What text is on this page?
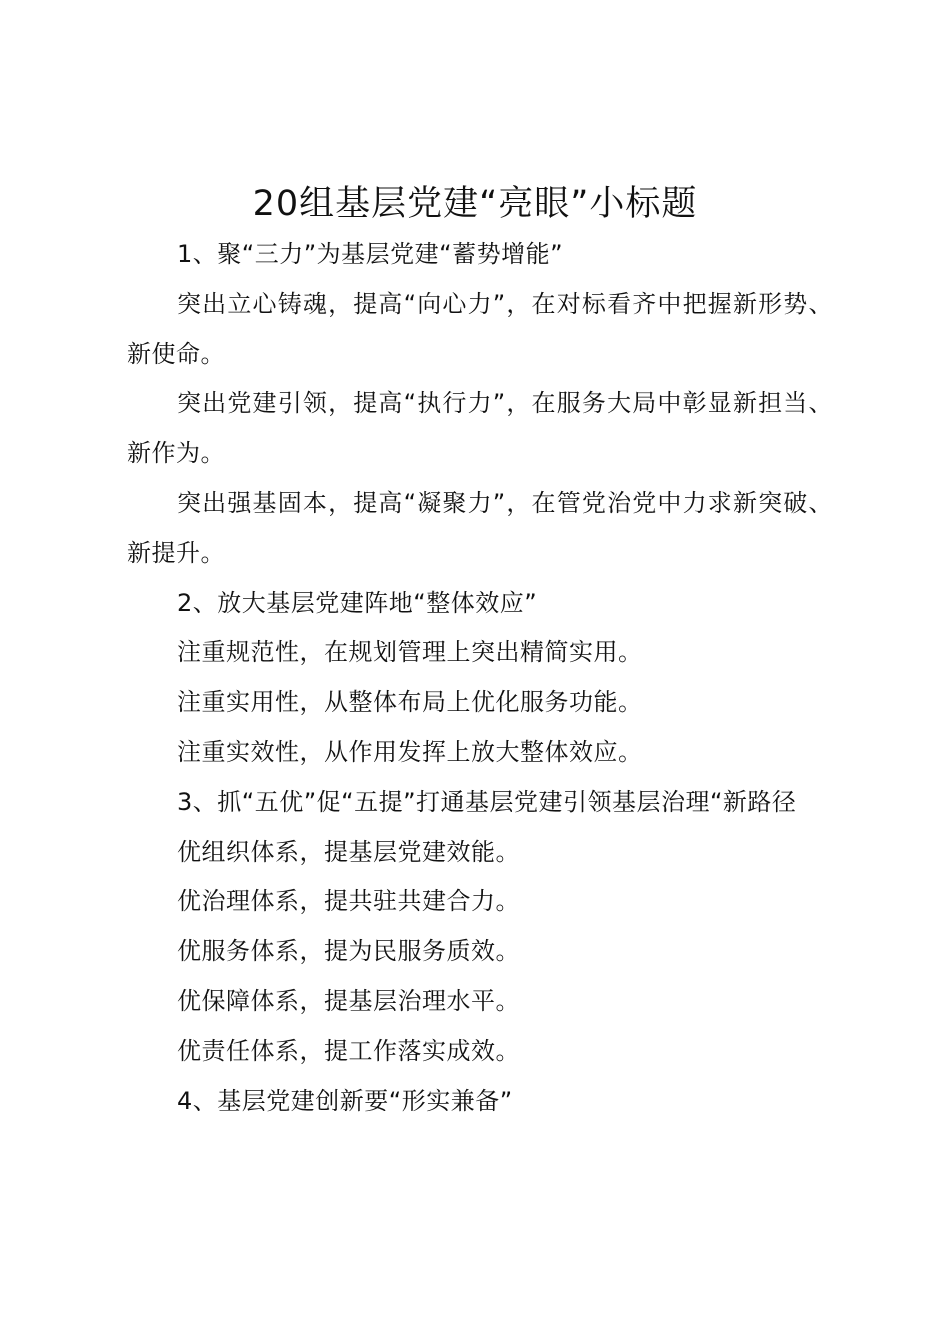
20组基层党建“亮眼”小标题

1、聚“三力”为基层党建“蓄势增能”

突出立心铸魂，提高“向心力”，在对标看齐中把握新形势、新使命。

突出党建引领，提高“执行力”，在服务大局中彰显新担当、新作为。

突出强基固本，提高“凝聚力”，在管党治党中力求新突破、新提升。

2、放大基层党建阵地“整体效应”

注重规范性，在规划管理上突出精简实用。

注重实用性，从整体布局上优化服务功能。

注重实效性，从作用发挥上放大整体效应。

3、抓“五优”促“五提”打通基层党建引领基层治理“新路径

优组织体系，提基层党建效能。

优治理体系，提共驻共建合力。

优服务体系，提为民服务质效。

优保障体系，提基层治理水平。

优责任体系，提工作落实成效。

4、基层党建创新要“形实兼备”
